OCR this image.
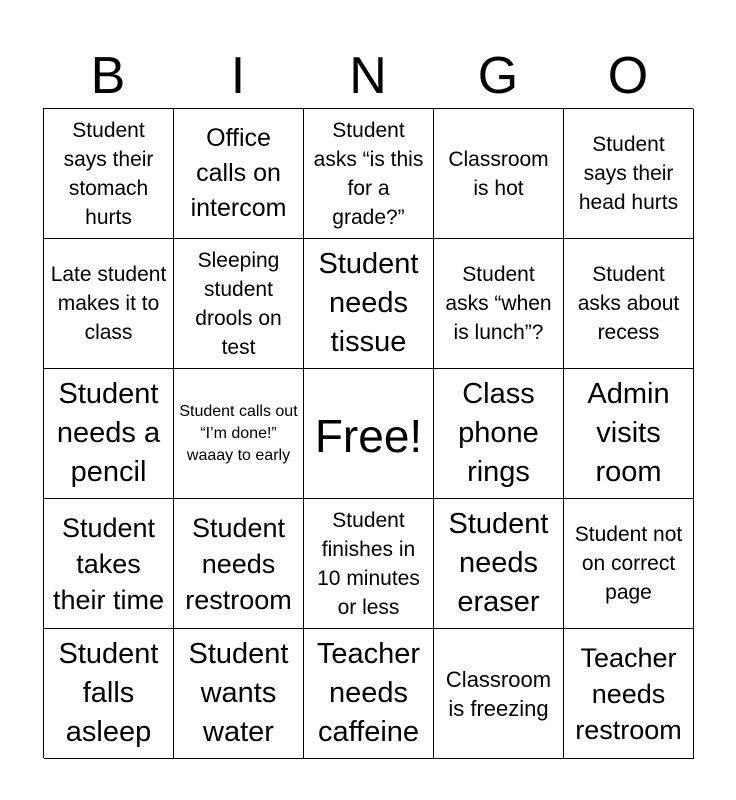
B	I	N	G	O
Student says their stomach hurts
Office calls on intercom
Student asks “is this for a grade?”
Classroom is hot
Student says their head hurts
Late student makes it to class
Sleeping student drools on test
Student needs tissue
Student asks “when is lunch”?
Student asks about recess
Student needs a pencil
Student calls out “I’m done!” waaay to early Free!
Class phone rings
Admin visits room
Student takes their time
Student needs restroom
Student finishes in 10 minutes or less
Student needs eraser
Student not on correct page
Student falls asleep
Student wants water
Teacher needs caffeine
Classroom is freezing
Teacher needs restroom
